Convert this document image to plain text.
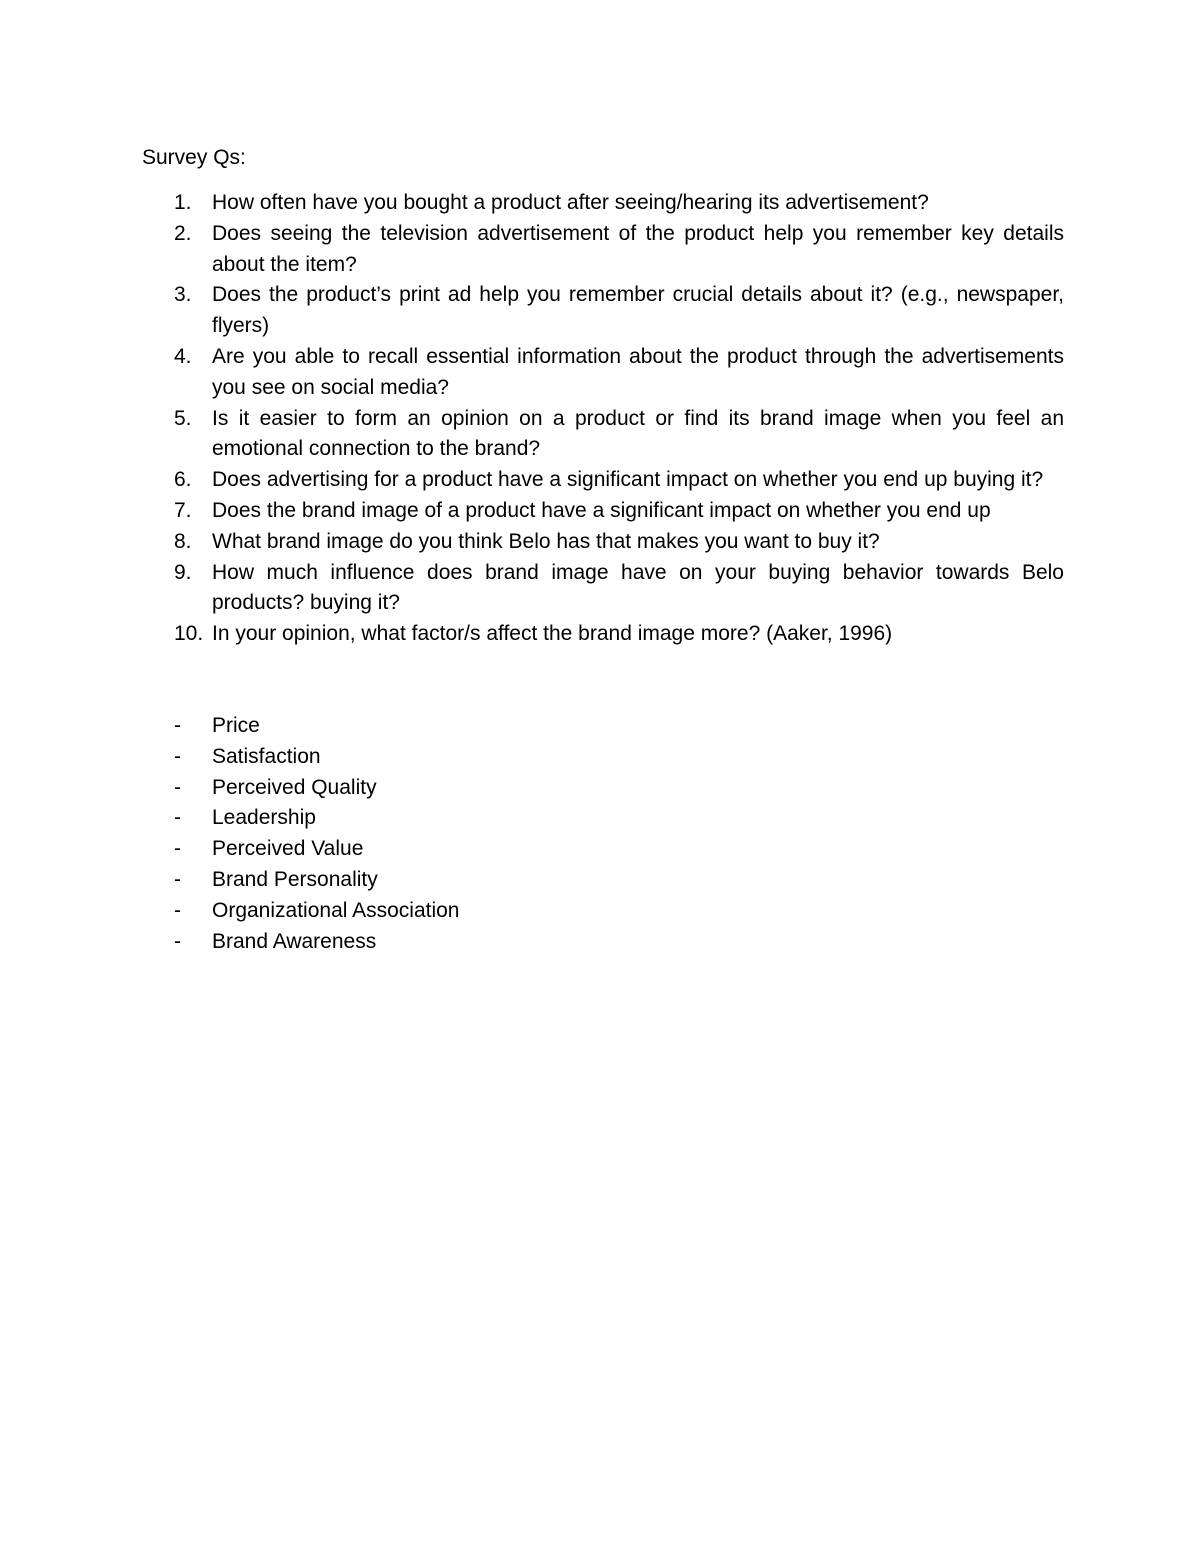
Survey Qs:
1. How often have you bought a product after seeing/hearing its advertisement?
2. Does seeing the television advertisement of the product help you remember key details about the item?
3. Does the product’s print ad help you remember crucial details about it? (e.g., newspaper, flyers)
4. Are you able to recall essential information about the product through the advertisements you see on social media?
5. Is it easier to form an opinion on a product or find its brand image when you feel an emotional connection to the brand?
6. Does advertising for a product have a significant impact on whether you end up buying it?
7. Does the brand image of a product have a significant impact on whether you end up
8. What brand image do you think Belo has that makes you want to buy it?
9. How much influence does brand image have on your buying behavior towards Belo products? buying it?
10. In your opinion, what factor/s affect the brand image more? (Aaker, 1996)
-	Price
-	Satisfaction
-	Perceived Quality
-	Leadership
-	Perceived Value
-	Brand Personality
-	Organizational Association
-	Brand Awareness
